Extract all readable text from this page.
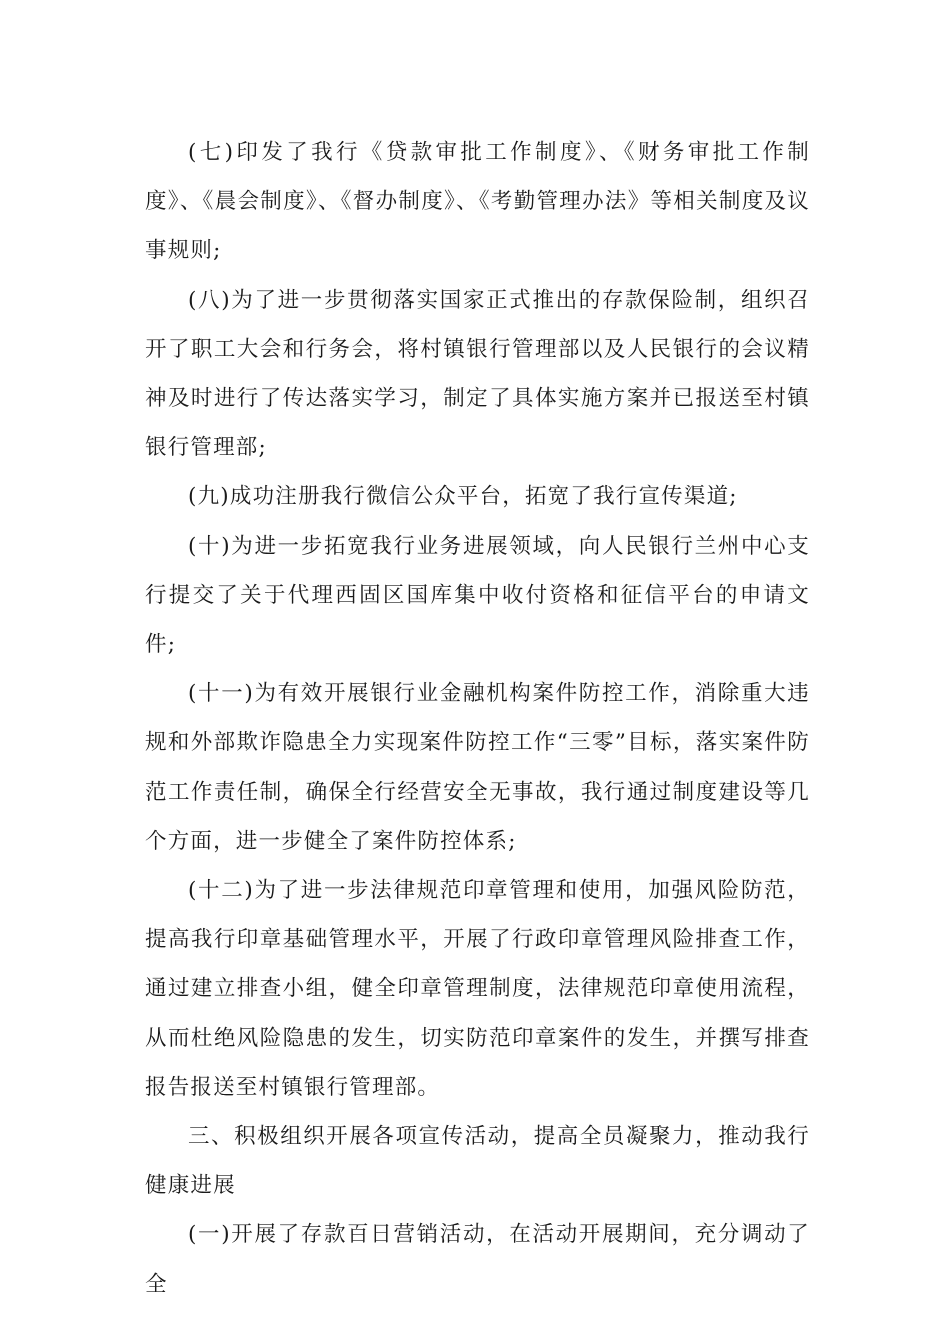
(七)印发了我行《贷款审批工作制度》、《财务审批工作制度》、《晨会制度》、《督办制度》、《考勤管理办法》等相关制度及议事规则;

(八)为了进一步贯彻落实国家正式推出的存款保险制，组织召开了职工大会和行务会，将村镇银行管理部以及人民银行的会议精神及时进行了传达落实学习，制定了具体实施方案并已报送至村镇银行管理部;

(九)成功注册我行微信公众平台，拓宽了我行宣传渠道;

(十)为进一步拓宽我行业务进展领域，向人民银行兰州中心支行提交了关于代理西固区国库集中收付资格和征信平台的申请文件;

(十一)为有效开展银行业金融机构案件防控工作，消除重大违规和外部欺诈隐患全力实现案件防控工作“三零”目标，落实案件防范工作责任制，确保全行经营安全无事故，我行通过制度建设等几个方面，进一步健全了案件防控体系;

(十二)为了进一步法律规范印章管理和使用，加强风险防范，提高我行印章基础管理水平，开展了行政印章管理风险排查工作，通过建立排查小组，健全印章管理制度，法律规范印章使用流程，从而杜绝风险隐患的发生，切实防范印章案件的发生，并撰写排查报告报送至村镇银行管理部。

三、积极组织开展各项宣传活动，提高全员凝聚力，推动我行健康进展

(一)开展了存款百日营销活动，在活动开展期间，充分调动了全
